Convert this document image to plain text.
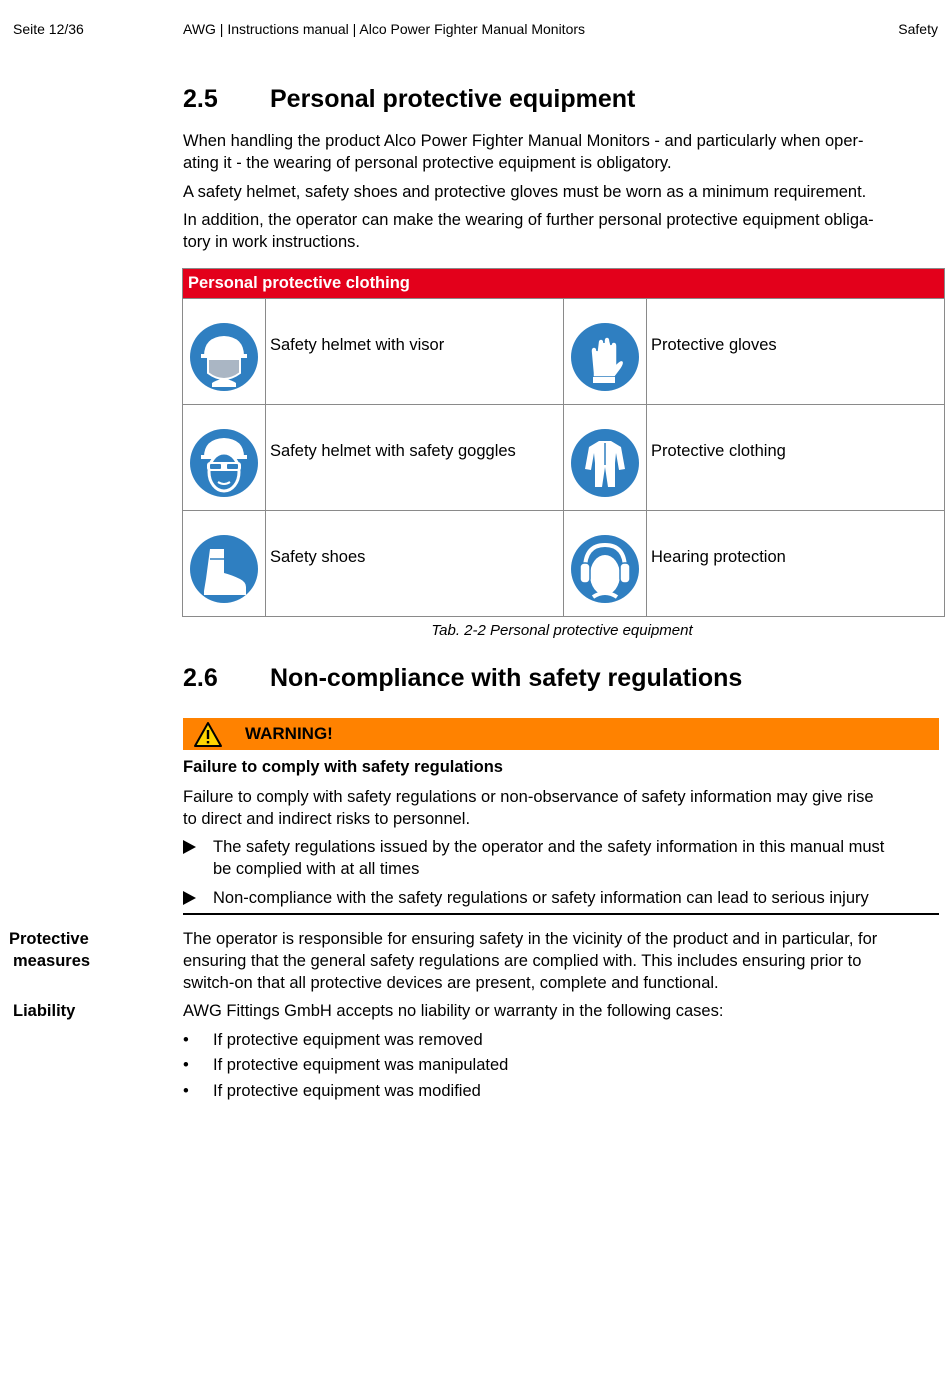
Seite 12/36	AWG | Instructions manual | Alco Power Fighter Manual Monitors	Safety
2.5 Personal protective equipment
When handling the product Alco Power Fighter Manual Monitors - and particularly when oper-
ating it - the wearing of personal protective equipment is obligatory.
A safety helmet, safety shoes and protective gloves must be worn as a minimum requirement.
In addition, the operator can make the wearing of further personal protective equipment obliga-
tory in work instructions.
Personal protective clothing			

	Safety helmet with visor		Protective gloves

	Safety helmet with safety goggles		Protective clothing

	Safety shoes		Hearing protection
Tab. 2-2 Personal protective equipment
2.6 Non-compliance with safety regulations
WARNING!
Failure to comply with safety regulations
Failure to comply with safety regulations or non-observance of safety information may give rise
to direct and indirect risks to personnel.
The safety regulations issued by the operator and the safety information in this manual must
be complied with at all times
Non-compliance with the safety regulations or safety information can lead to serious injury
Protective
measures
The operator is responsible for ensuring safety in the vicinity of the product and in particular, for
ensuring that the general safety regulations are complied with. This includes ensuring prior to
switch-on that all protective devices are present, complete and functional.
Liability	AWG Fittings GmbH accepts no liability or warranty in the following cases:
• If protective equipment was removed
• If protective equipment was manipulated
• If protective equipment was modified
